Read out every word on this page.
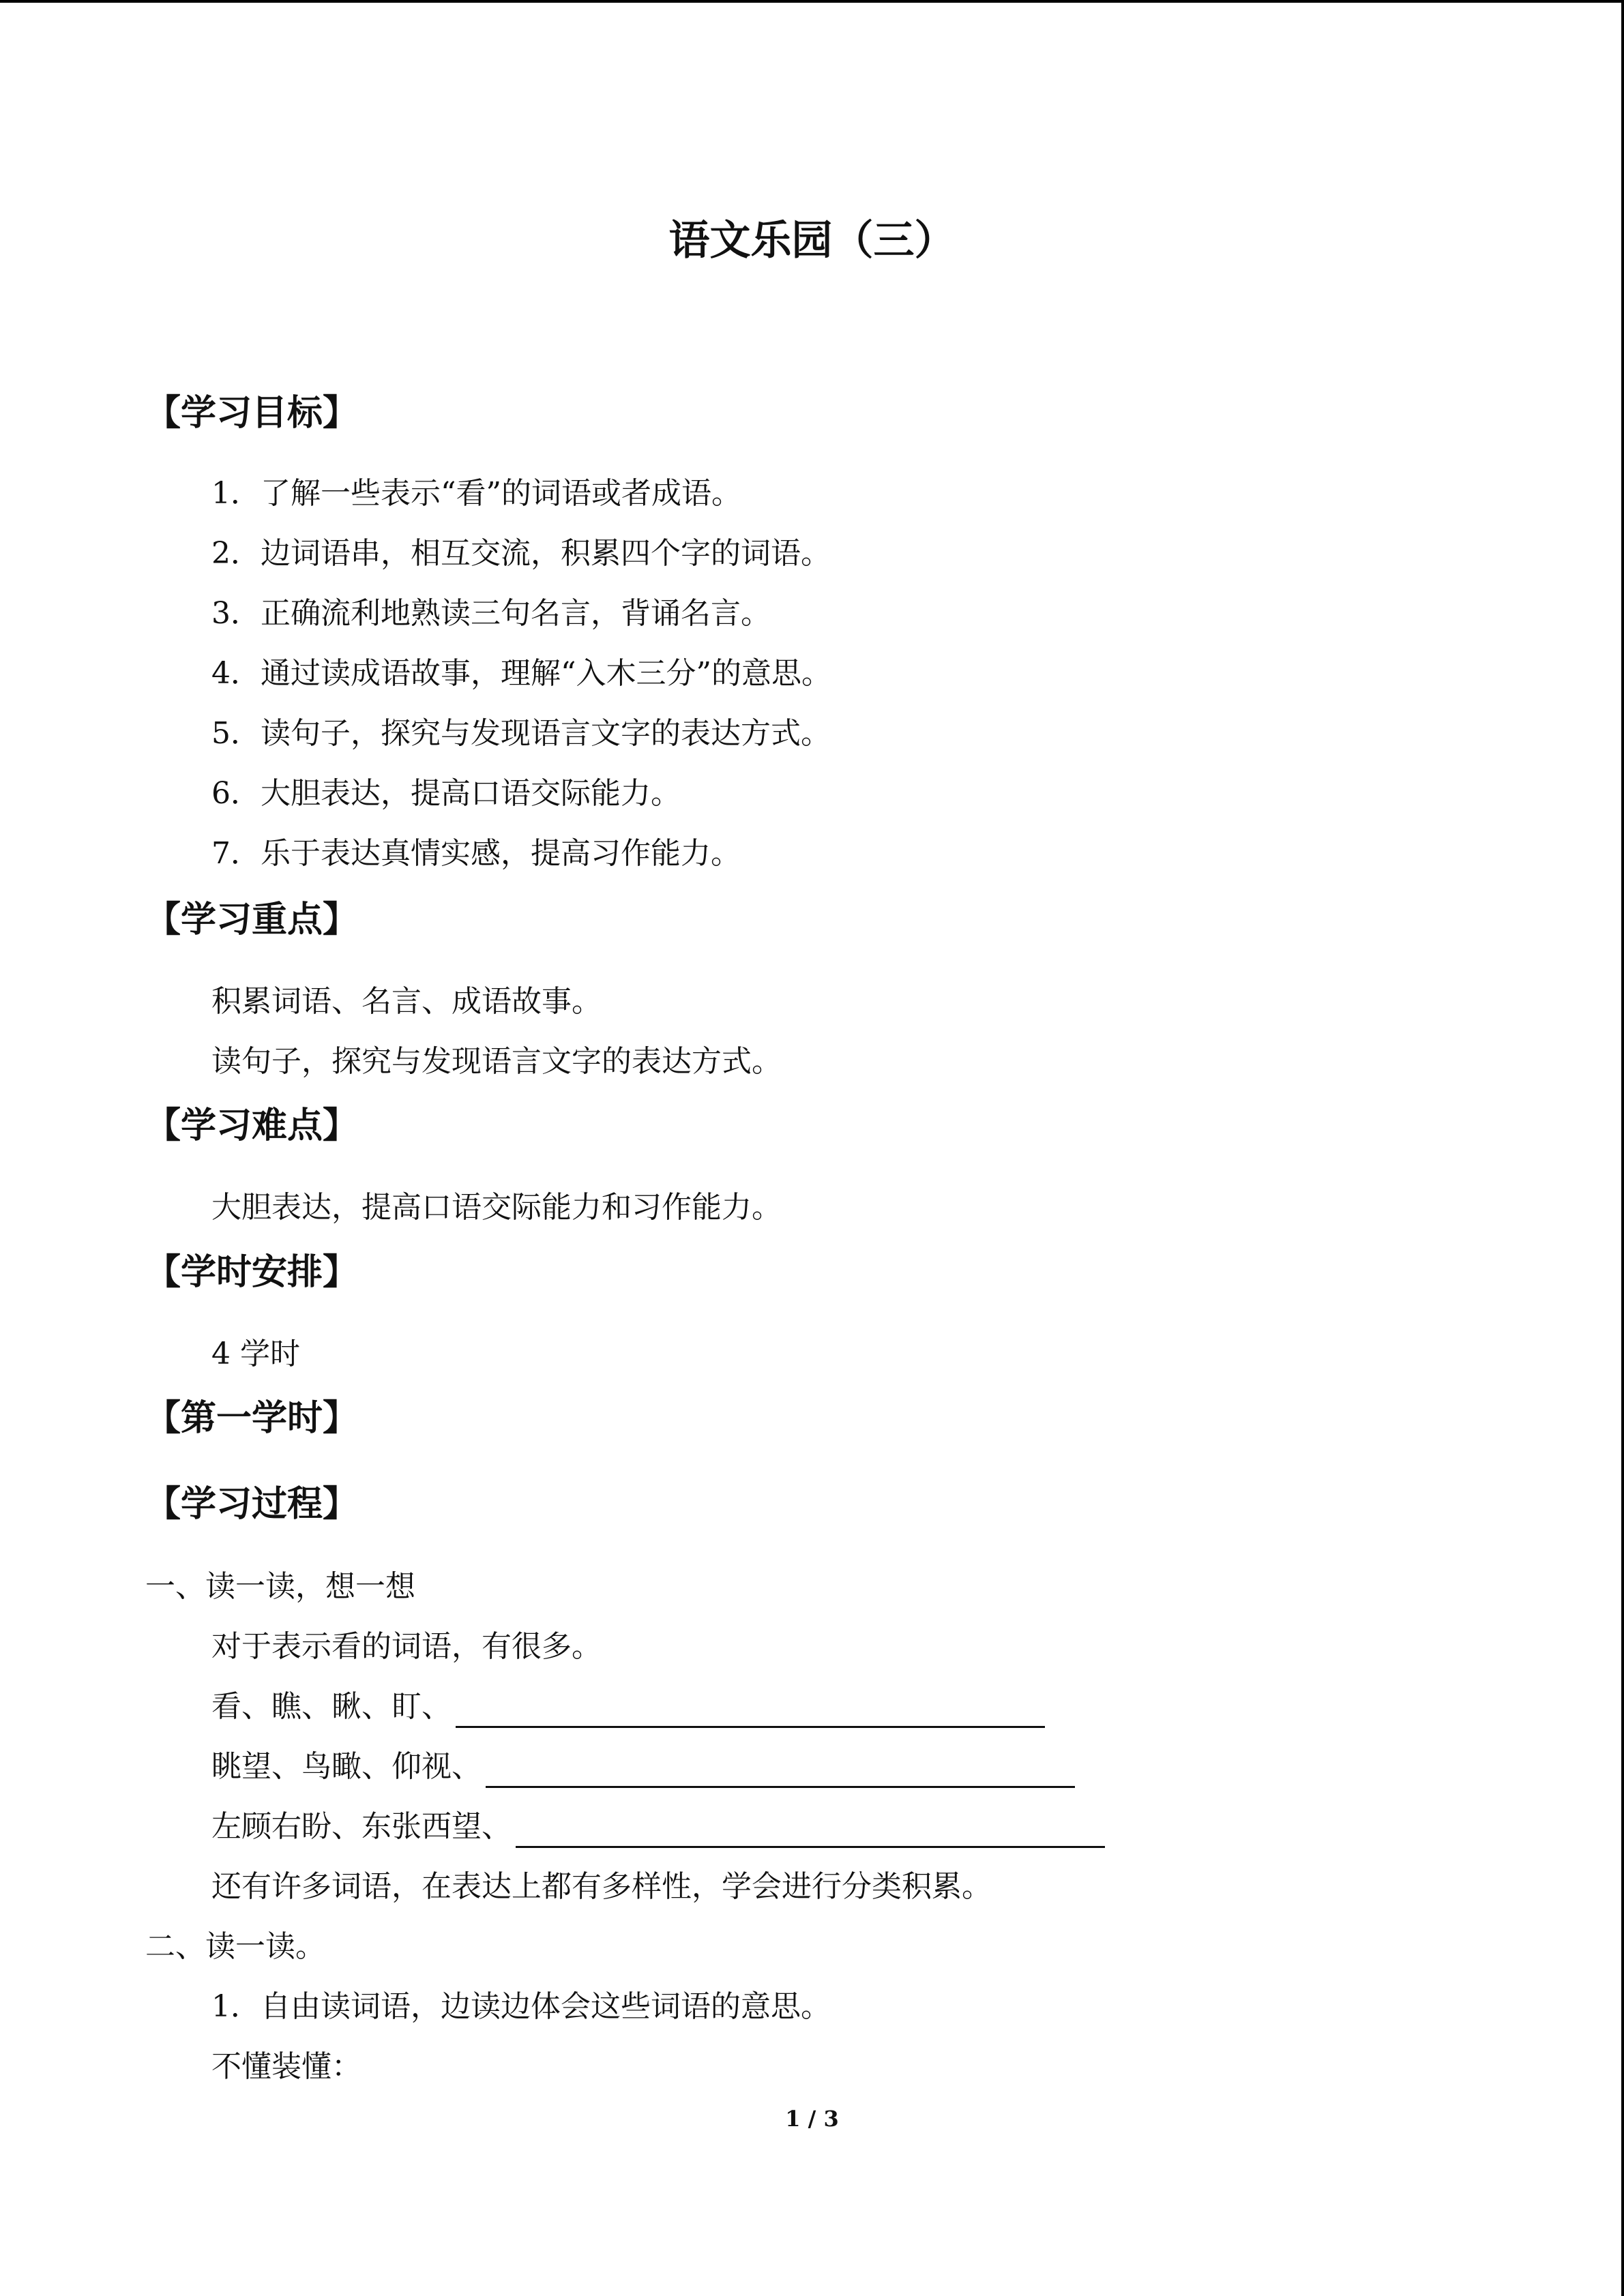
语文乐园（三）
【学习目标】
1．了解一些表示“看”的词语或者成语。
2．边词语串，相互交流，积累四个字的词语。
3．正确流利地熟读三句名言，背诵名言。
4．通过读成语故事，理解“入木三分”的意思。
5．读句子，探究与发现语言文字的表达方式。
6．大胆表达，提高口语交际能力。
7．乐于表达真情实感，提高习作能力。
【学习重点】
积累词语、名言、成语故事。
读句子，探究与发现语言文字的表达方式。
【学习难点】
大胆表达，提高口语交际能力和习作能力。
【学时安排】
4 学时
【第一学时】
【学习过程】
一、读一读，想一想
对于表示看的词语，有很多。
看、瞧、瞅、盯、
眺望、鸟瞰、仰视、
左顾右盼、东张西望、
还有许多词语，在表达上都有多样性，学会进行分类积累。
二、读一读。
1．自由读词语，边读边体会这些词语的意思。
不懂装懂：
1 / 3
